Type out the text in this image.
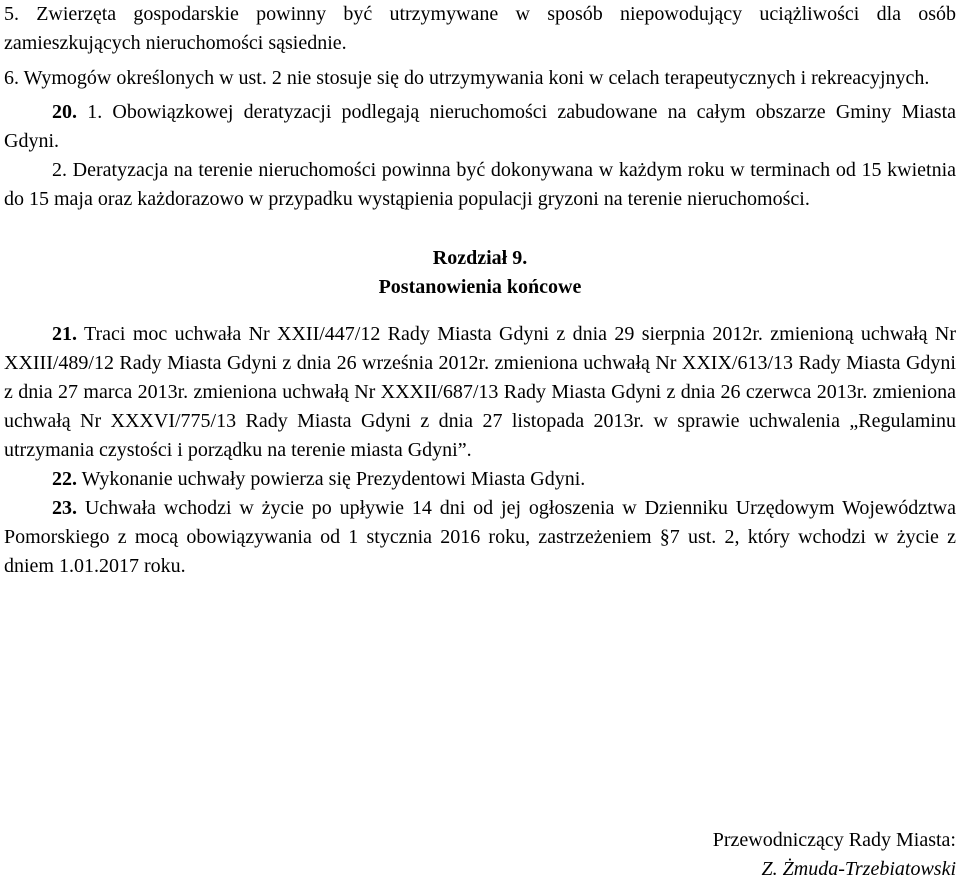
5. Zwierzęta gospodarskie powinny być utrzymywane w sposób niepowodujący uciążliwości dla osób zamieszkujących nieruchomości sąsiednie.

6. Wymogów określonych w ust. 2 nie stosuje się do utrzymywania koni w celach terapeutycznych i rekreacyjnych.

20. 1. Obowiązkowej deratyzacji podlegają nieruchomości zabudowane na całym obszarze Gminy Miasta Gdyni.

2. Deratyzacja na terenie nieruchomości powinna być dokonywana w każdym roku w terminach od 15 kwietnia do 15 maja oraz każdorazowo w przypadku wystąpienia populacji gryzoni na terenie nieruchomości.

Rozdział 9.
Postanowienia końcowe

21. Traci moc uchwała Nr XXII/447/12 Rady Miasta Gdyni z dnia 29 sierpnia 2012r. zmienioną uchwałą Nr XXIII/489/12 Rady Miasta Gdyni z dnia 26 września 2012r. zmieniona uchwałą Nr XXIX/613/13 Rady Miasta Gdyni z dnia 27 marca 2013r. zmieniona uchwałą Nr XXXII/687/13 Rady Miasta Gdyni z dnia 26 czerwca 2013r. zmieniona uchwałą Nr XXXVI/775/13 Rady Miasta Gdyni z dnia 27 listopada 2013r. w sprawie uchwalenia „Regulaminu utrzymania czystości i porządku na terenie miasta Gdyni”.

22. Wykonanie uchwały powierza się Prezydentowi Miasta Gdyni.

23. Uchwała wchodzi w życie po upływie 14 dni od jej ogłoszenia w Dzienniku Urzędowym Województwa Pomorskiego z mocą obowiązywania od 1 stycznia 2016 roku, zastrzeżeniem §7 ust. 2, który wchodzi w życie z dniem 1.01.2017 roku.

Przewodniczący Rady Miasta:
Z. Żmuda-Trzebiatowski
